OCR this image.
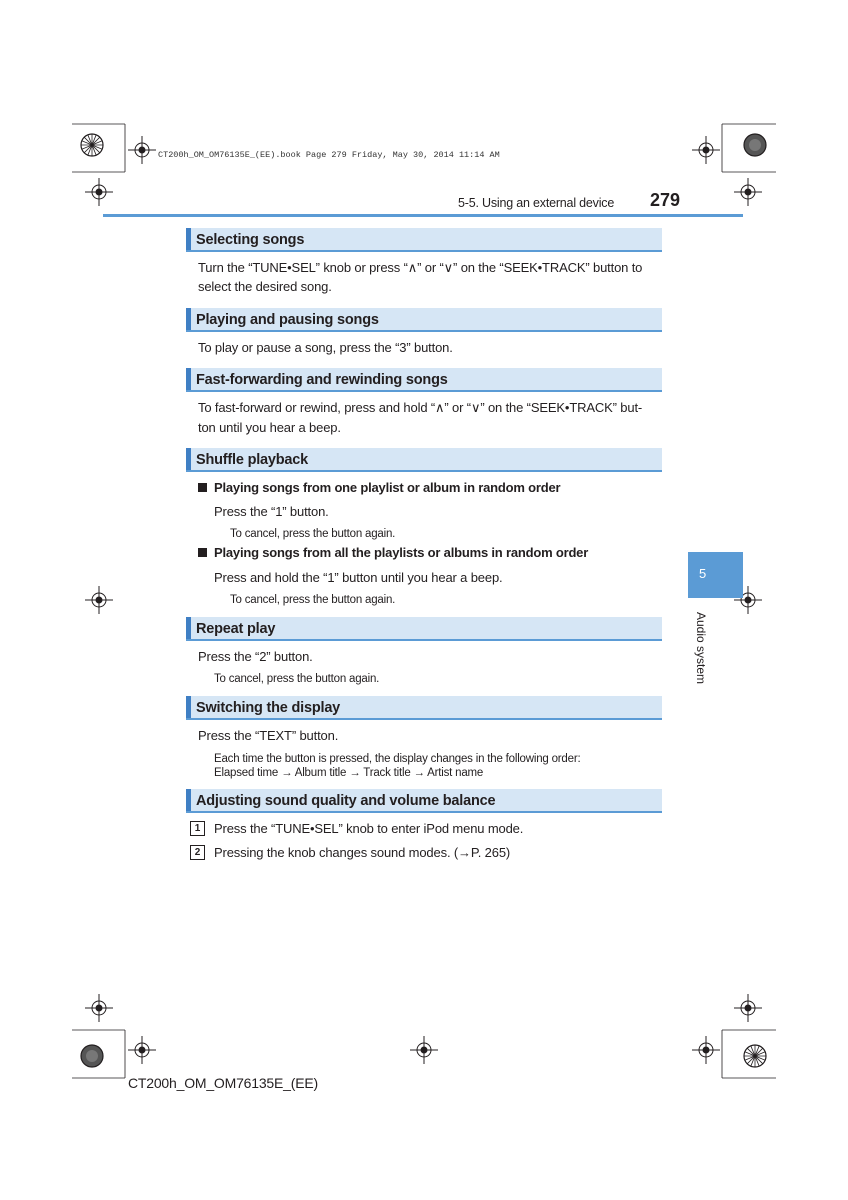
CT200h_OM_OM76135E_(EE).book Page 279 Friday, May 30, 2014 11:14 AM
5-5. Using an external device 279
Selecting songs
Turn the “TUNE•SEL” knob or press “∧” or “∨” on the “SEEK•TRACK” button to
select the desired song.
Playing and pausing songs
To play or pause a song, press the “3” button.
Fast-forwarding and rewinding songs
To fast-forward or rewind, press and hold “∧” or “∨” on the “SEEK•TRACK” but-
ton until you hear a beep.
Shuffle playback
Playing songs from one playlist or album in random order
Press the “1” button.
To cancel, press the button again.
Playing songs from all the playlists or albums in random order
Press and hold the “1” button until you hear a beep.
To cancel, press the button again.
Repeat play
Press the “2” button.
To cancel, press the button again.
Switching the display
Press the “TEXT” button.
Each time the button is pressed, the display changes in the following order:
Elapsed time → Album title → Track title → Artist name
Adjusting sound quality and volume balance
1	Press the “TUNE•SEL” knob to enter iPod menu mode.
2	Pressing the knob changes sound modes. (→P. 265)
5
Audio system
CT200h_OM_OM76135E_(EE)
